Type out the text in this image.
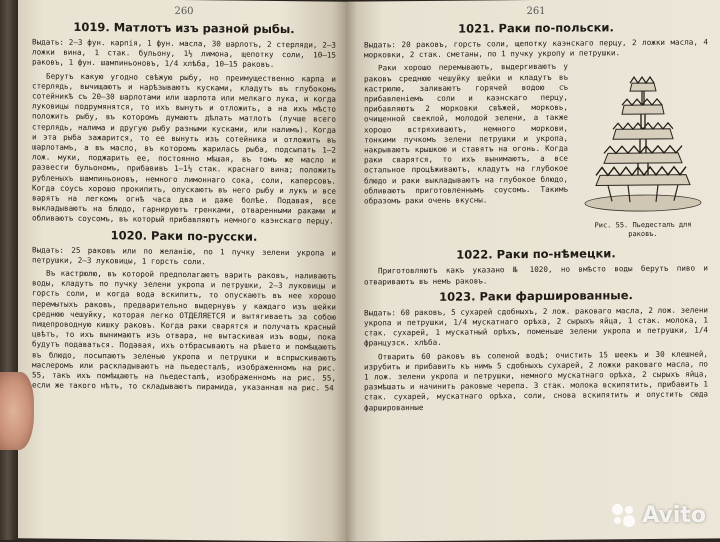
260
1019. Матлотъ изъ разной рыбы.

Выдать: 2—3 фун. карпія, 1 фун. масла, 30 шарлотъ, 2 стерляди, 2—3 ложки вина, 1 стак. бульону, 1½ лимона, щепотку соли, 10—15 раковъ, 1 фун. шампиньоновъ, 1/4 хлѣба, 10—15 раковъ.

Берутъ какую угодно свѣжую рыбу, но преимущественно карпа и стерлядь, вычищаютъ и нарѣзываютъ кусками, кладутъ въ глубокомъ сотейникѣ съ 20—30 шарлотами или шарлота или мелкаго лука, и когда луковицы подрумянятся, то ихъ вынуть и отложить, а на ихъ мѣсто положить рыбу, въ которомъ думаютъ дѣлать матлотъ (лучше всего стерлядь, налима и другую рыбу разными кусками, или налимъ). Когда и эта рыба зажарится, то ее вынуть изъ сотейника и отложить въ шарлотамъ, а въ масло, въ которомъ жарилась рыба, подсыпать 1—2 лож. муки, поджарить ее, постоянно мѣшая, въ томъ же масло и развести бульономъ, прибавивъ 1—1½ стак. краснаго вина; положить рубленыхъ шампиньоновъ, немного лимоннаго сока, соли, каперсовъ. Когда соусъ хорошо прокипитъ, опускаютъ въ него рыбу и лукъ и все варятъ на легкомъ огнѣ часа два и даже болѣе. Подавая, все выкладываютъ на блюдо, гарнируютъ гренками, отваренными раками и обливаютъ соусомъ, въ который прибавляютъ немного каэнскаго перцу.

1020. Раки по-русски.

Выдать: 25 раковъ или по желанію, по 1 пучку зелени укропа и петрушки, 2—3 луковицы, 1 горсть соли.

Въ кастрюлю, въ которой предполагаютъ варить раковъ, наливаютъ воды, кладутъ по пучку зелени укропа и петрушки, 2—3 луковицы и горсть соли, и когда вода вскипитъ, то опускаютъ въ нее хорошо перемытыхъ раковъ, предварительно выдернувъ у каждаго изъ шейки среднюю чешуйку, которая легко ОТДЕЛЯЕТСЯ и вытягиваетъ за собою пищепроводную кишку раковъ. Когда раки сварятся и получатъ красный цвѣтъ, то ихъ вынимаютъ изъ отвара, не вытаскивая изъ воды, пока будутъ подаваться. Подавая, ихъ отбрасываютъ на рѣшето и помѣщаютъ въ блюдо, посыпаютъ зеленью укропа и петрушки и вспрыскиваютъ маслеромъ или раскладываютъ на пьедесталѣ, изображенномъ на рис. 55, такъ ихъ помѣщаютъ на пьедесталѣ, изображенномъ на рис. 55, если же такого нѣтъ, то складываютъ пирамида, указанная на рис. 54

261
1021. Раки по-польски.

Выдать: 20 раковъ, горсть соли, щепотку каэнскаго перцу, 2 ложки масла, 4 морковки, 2 стак. сметаны, по 1 пучку укропу и петрушки.

Рис. 55. Пьедесталъ для раковъ.

Раки хорошо перемываютъ, выдергиваютъ у раковъ среднюю чешуйку шейки и кладутъ въ кастрюлю, заливаютъ горячей водою съ прибавленіемъ соли и каэнскаго перцу, прибавляютъ 2 морковки свѣжей, морковь, очищенной свеклой, молодой зелени, а также хорошо встряхиваютъ, немного моркови, тонкими пучкомъ зелени петрушки и укропа, накрываютъ крышкою и ставятъ на огонь. Когда раки сварятся, то ихъ вынимаютъ, а все остальное процѣживаютъ, кладутъ на глубокое блюдо и раки выкладываютъ на глубокое блюдо, обливаютъ приготовленнымъ соусомъ. Такимъ образомъ раки очень вкусны.

1022. Раки по-нѣмецки.

Приготовляютъ какъ указано № 1020, но вмѣсто воды берутъ пиво и отвариваютъ въ немъ раковъ.

1023. Раки фаршированные.

Выдать: 60 раковъ, 5 сухарей сдобныхъ, 2 лож. раковаго масла, 2 лож. зелени укропа и петрушки, 1/4 мускатнаго орѣха, 2 сырыхъ яйца, 1 стак. молока, 1 стак. сухарей, 1 мускатный орѣхъ, поменьше зелени укропа и петрушки, 1/4 французск. хлѣба.

Отварить 60 раковъ въ соленой водѣ; очистить 15 шеекъ и 30 клешней, изрубить и прибавить къ нимъ 5 сдобныхъ сухарей, 2 ложки раковаго масла, по 1 лож. зелени укропа и петрушки, немного мускатнаго орѣха, 2 сырыхъ яйца, размѣшать и начинить раковые черепа. 3 стак. молока вскипятить, прибавить 1 стак. сухарей, мускатнаго орѣха, соли, снова вскипятить и опустить сюда фаршированные

Avito
